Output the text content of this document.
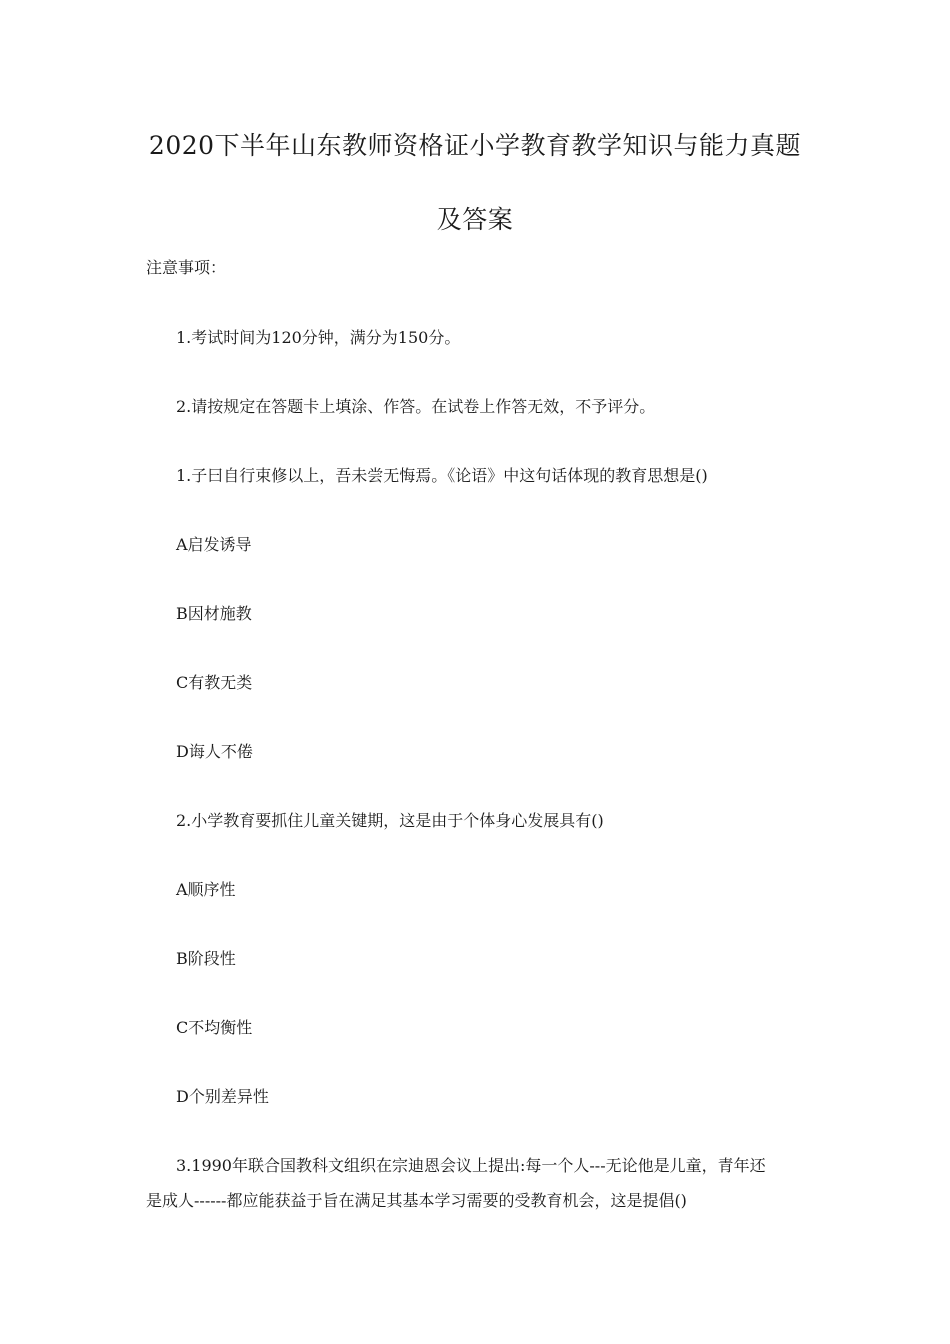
2020下半年山东教师资格证小学教育教学知识与能力真题
及答案
注意事项：
1.考试时间为120分钟，满分为150分。
2.请按规定在答题卡上填涂、作答。在试卷上作答无效，不予评分。
1.子曰自行束修以上，吾未尝无悔焉。《论语》中这句话体现的教育思想是()
A启发诱导
B因材施教
C有教无类
D诲人不倦
2.小学教育要抓住儿童关键期，这是由于个体身心发展具有()
A顺序性
B阶段性
C不均衡性
D个别差异性
3.1990年联合国教科文组织在宗迪恩会议上提出:每一个人---无论他是儿童，青年还
是成人------都应能获益于旨在满足其基本学习需要的受教育机会，这是提倡()
